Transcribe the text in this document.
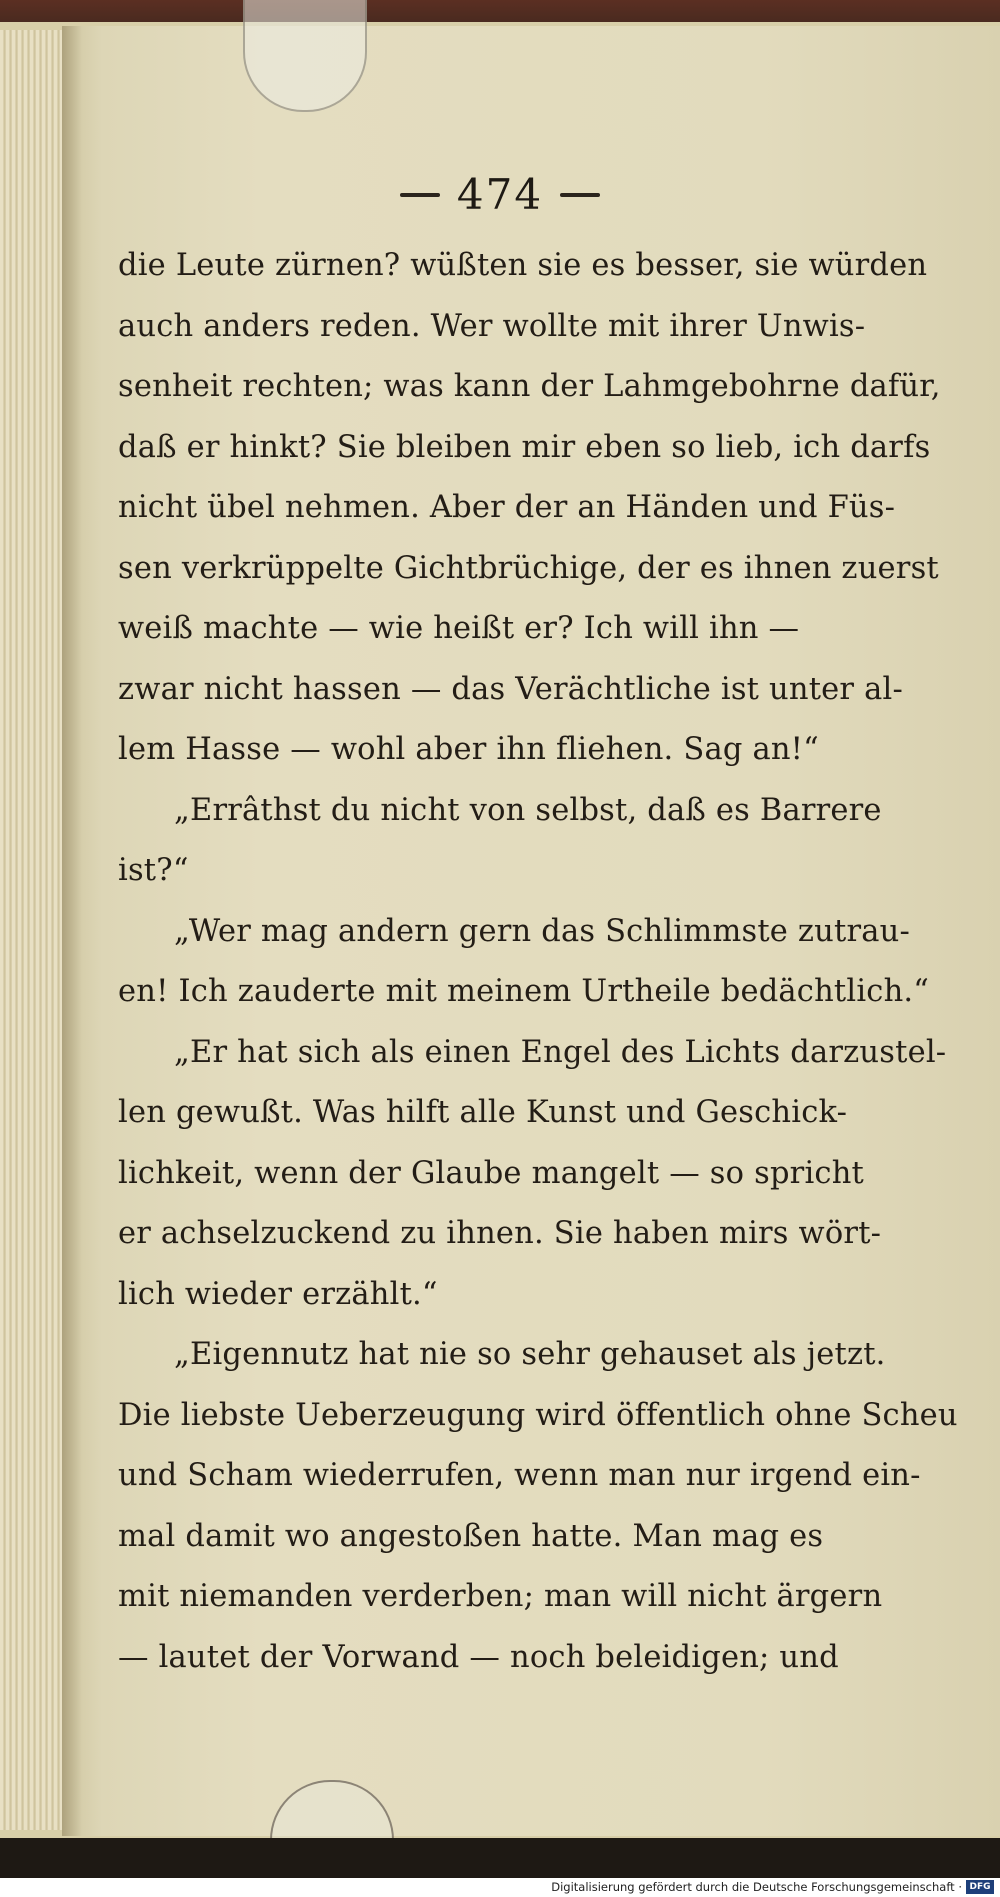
474
die Leute zürnen? wüßten sie es besser, sie würden
auch anders reden. Wer wollte mit ihrer Unwis-
senheit rechten; was kann der Lahmgebohrne dafür,
daß er hinkt? Sie bleiben mir eben so lieb, ich darfs
nicht übel nehmen. Aber der an Händen und Füs-
sen verkrüppelte Gichtbrüchige, der es ihnen zuerst
weiß machte — wie heißt er? Ich will ihn —
zwar nicht hassen — das Verächtliche ist unter al-
lem Hasse — wohl aber ihn fliehen. Sag an!“
„Errâthst du nicht von selbst, daß es Barrere
ist?“
„Wer mag andern gern das Schlimmste zutrau-
en! Ich zauderte mit meinem Urtheile bedächtlich.“
„Er hat sich als einen Engel des Lichts darzustel-
len gewußt. Was hilft alle Kunst und Geschick-
lichkeit, wenn der Glaube mangelt — so spricht
er achselzuckend zu ihnen. Sie haben mirs wört-
lich wieder erzählt.“
„Eigennutz hat nie so sehr gehauset als jetzt.
Die liebste Ueberzeugung wird öffentlich ohne Scheu
und Scham wiederrufen, wenn man nur irgend ein-
mal damit wo angestoßen hatte. Man mag es
mit niemanden verderben; man will nicht ärgern
— lautet der Vorwand — noch beleidigen; und
Digitalisierung gefördert durch die Deutsche Forschungsgemeinschaft · DFG
